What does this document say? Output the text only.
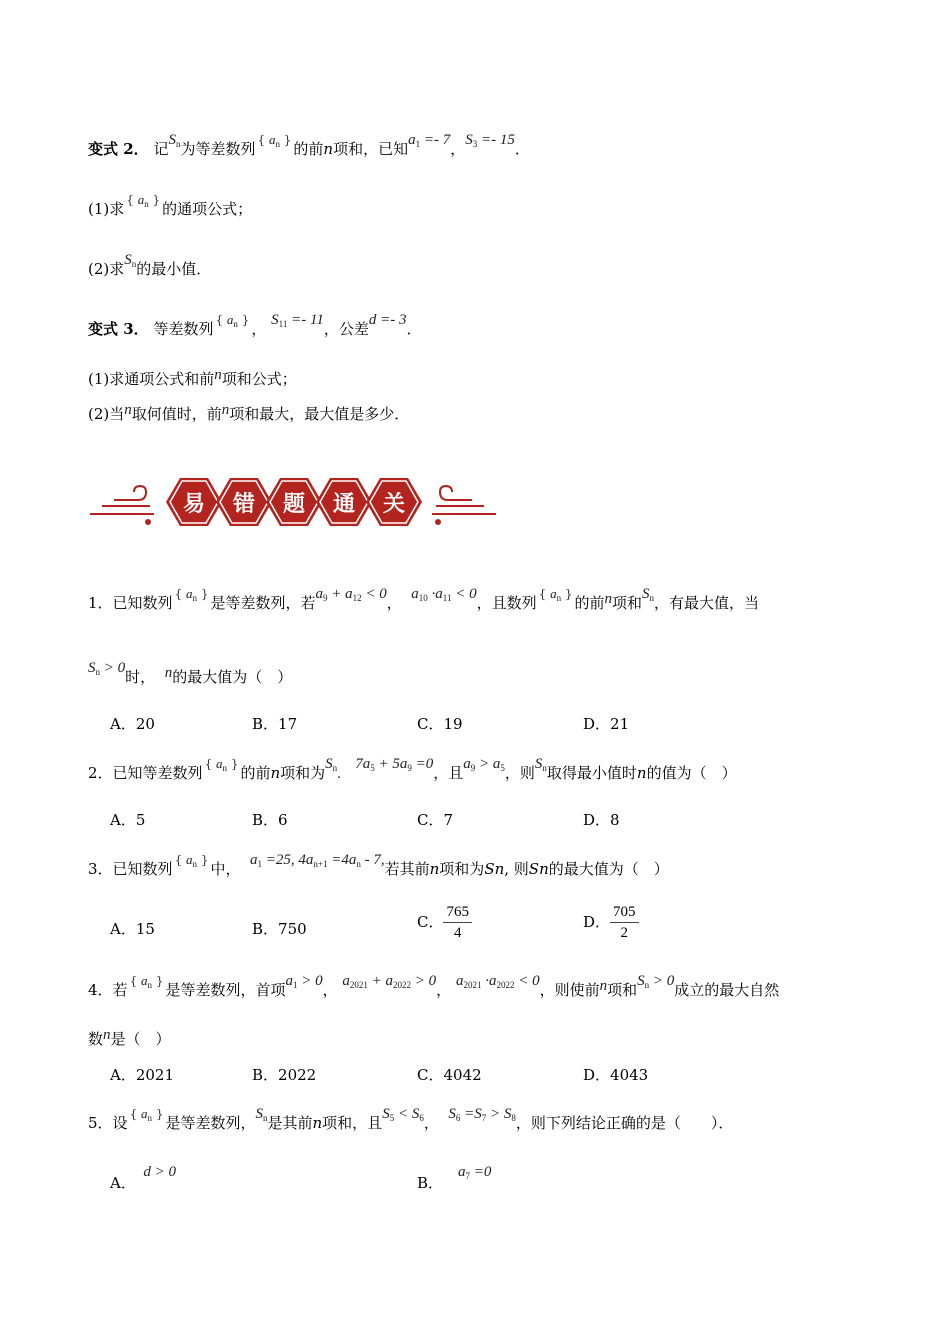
变式 2． 记$S_n$为等差数列 { $a_n$ } 的前n项和，已知$a_1 =- 7$，$S_3 =- 15$．
(1)求 { $a_n$ } 的通项公式；
(2)求$S_n$的最小值．
变式 3． 等差数列 { $a_n$ } ， $S_{11} =- 11$，公差d =- 3．
(1)求通项公式和前n项和公式；
(2)当n取何值时，前n项和最大，最大值是多少．
易 错 题 通 关
1．已知数列 { $a_n$ } 是等差数列，若$a_9 + a_{12} < 0$， $a_{10} \cdot a_{11} < 0$，且数列 { $a_n$ } 的前n项和$S_n$，有最大值，当
$S_n > 0$时， n的最大值为（　）
A．20	B．17	C．19	D．21
2．已知等差数列 { $a_n$ } 的前n项和为$S_n$.   $7a_5 + 5a_9 =0$，且$a_9 > a_5$，则$S_n$取得最小值时n的值为（　）
A．5	B．6	C．7	D．8
3．已知数列 { $a_n$ } 中， $a_1 =25$, $4a_{n+1} =4a_n - 7$,若其前n项和为Sn, 则Sn的最大值为（　）
A．15	B．750	C． $\frac{765}{4}$	D． $\frac{705}{2}$
4．若 { $a_n$ } 是等差数列，首项$a_1 > 0$， $a_{2021} + a_{2022} > 0$， $a_{2021} \cdot a_{2022} < 0$，则使前n项和$S_n > 0$成立的最大自然
数n是（　）
A．2021	B．2022	C．4042	D．4043
5．设 { $a_n$ } 是等差数列，$S_n$是其前n项和，且$S_5 < S_6$， $S_6 =S_7 > S_8$，则下列结论正确的是（　　）．
A．  d > 0
B．    $a_7 =0$
